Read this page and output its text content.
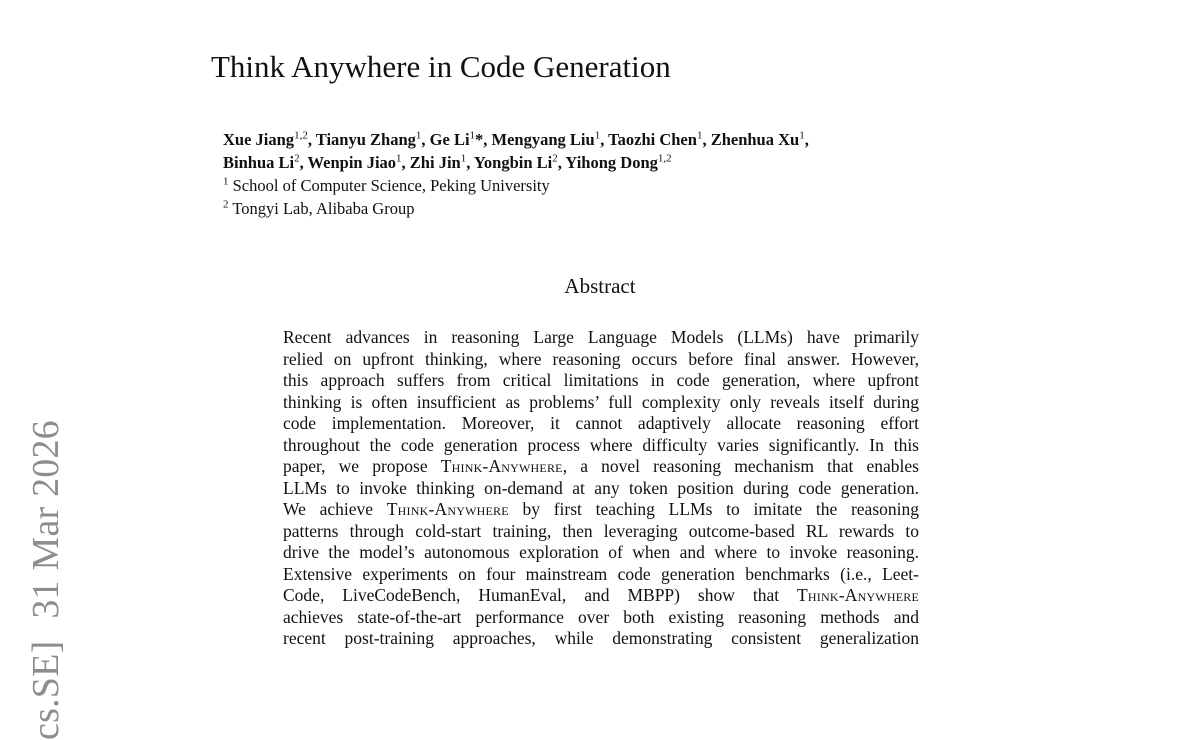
cs.SE]31 Mar 2026
Think Anywhere in Code Generation
Xue Jiang$^{1,2}$, Tianyu Zhang$^1$, Ge Li$^1$*, Mengyang Liu$^1$, Taozhi Chen$^1$, Zhenhua Xu$^1$,
Binhua Li$^2$, Wenpin Jiao$^1$, Zhi Jin$^1$, Yongbin Li$^2$, Yihong Dong$^{1,2}$
$^1$ School of Computer Science, Peking University
$^2$ Tongyi Lab, Alibaba Group
Abstract
Recent advances in reasoning Large Language Models (LLMs) have primarily
relied on upfront thinking, where reasoning occurs before final answer. However,
this approach suffers from critical limitations in code generation, where upfront
thinking is often insufficient as problems’ full complexity only reveals itself during
code implementation. Moreover, it cannot adaptively allocate reasoning effort
throughout the code generation process where difficulty varies significantly. In this
paper, we propose Think-Anywhere, a novel reasoning mechanism that enables
LLMs to invoke thinking on-demand at any token position during code generation.
We achieve Think-Anywhere by first teaching LLMs to imitate the reasoning
patterns through cold-start training, then leveraging outcome-based RL rewards to
drive the model’s autonomous exploration of when and where to invoke reasoning.
Extensive experiments on four mainstream code generation benchmarks (i.e., Leet-
Code, LiveCodeBench, HumanEval, and MBPP) show that Think-Anywhere
achieves state-of-the-art performance over both existing reasoning methods and
recent post-training approaches, while demonstrating consistent generalization
